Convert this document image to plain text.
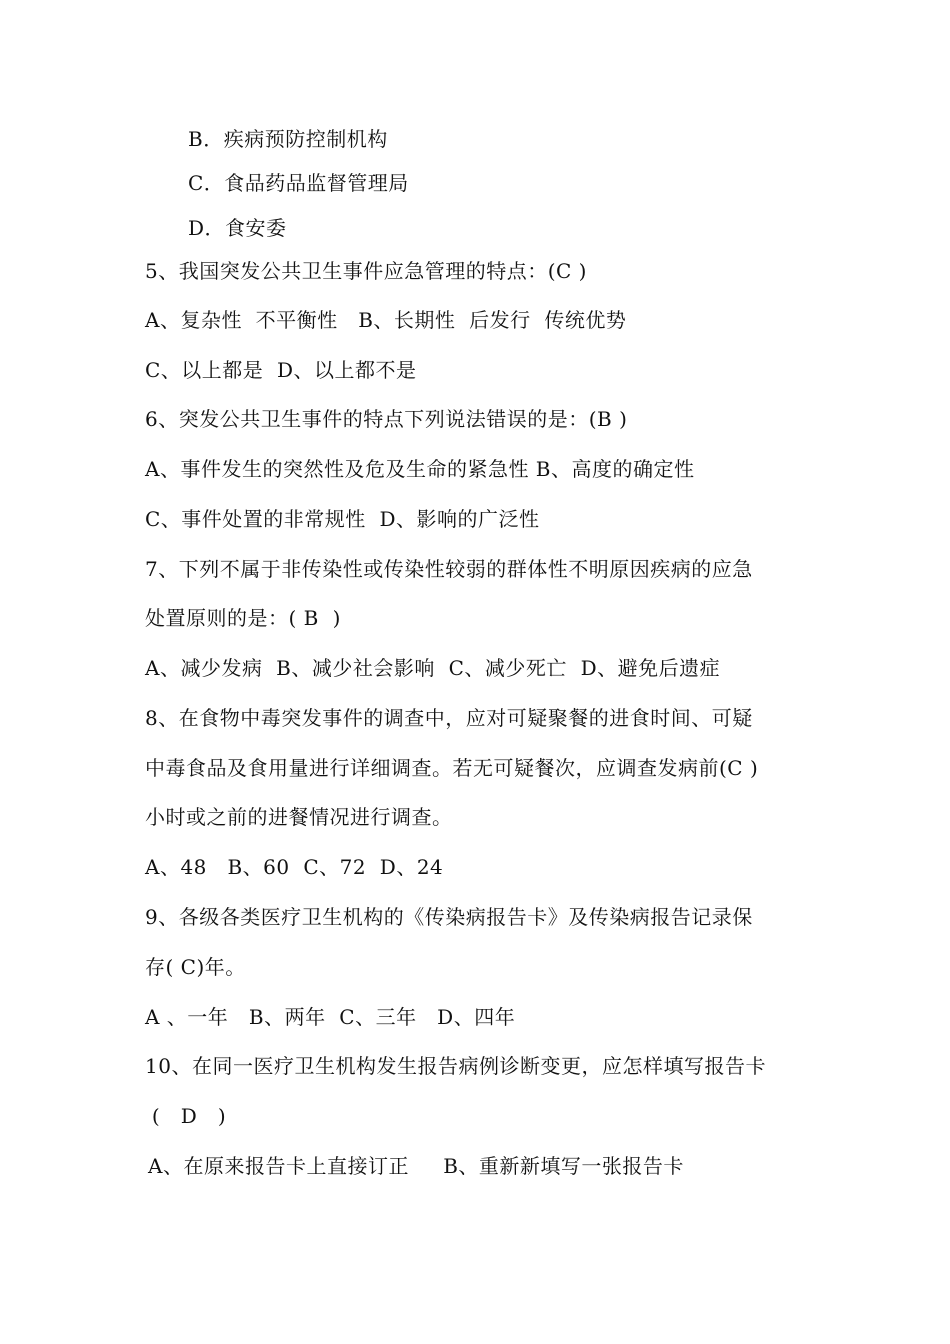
B．疾病预防控制机构
C．食品药品监督管理局
D．食安委
5、我国突发公共卫生事件应急管理的特点：(C )
A、复杂性  不平衡性   B、长期性  后发行  传统优势
C、以上都是  D、以上都不是
6、突发公共卫生事件的特点下列说法错误的是：(B )
A、事件发生的突然性及危及生命的紧急性 B、高度的确定性
C、事件处置的非常规性  D、影响的广泛性
7、下列不属于非传染性或传染性较弱的群体性不明原因疾病的应急
处置原则的是：( B  )
A、减少发病  B、减少社会影响  C、减少死亡  D、避免后遗症
8、在食物中毒突发事件的调查中，应对可疑聚餐的进食时间、可疑
中毒食品及食用量进行详细调查。若无可疑餐次，应调查发病前(C )
小时或之前的进餐情况进行调查。
A、48   B、60  C、72  D、24
9、各级各类医疗卫生机构的《传染病报告卡》及传染病报告记录保
存( C)年。
A 、一年   B、两年  C、三年   D、四年
10、在同一医疗卫生机构发生报告病例诊断变更，应怎样填写报告卡
(   D   )
A、在原来报告卡上直接订正     B、重新新填写一张报告卡
